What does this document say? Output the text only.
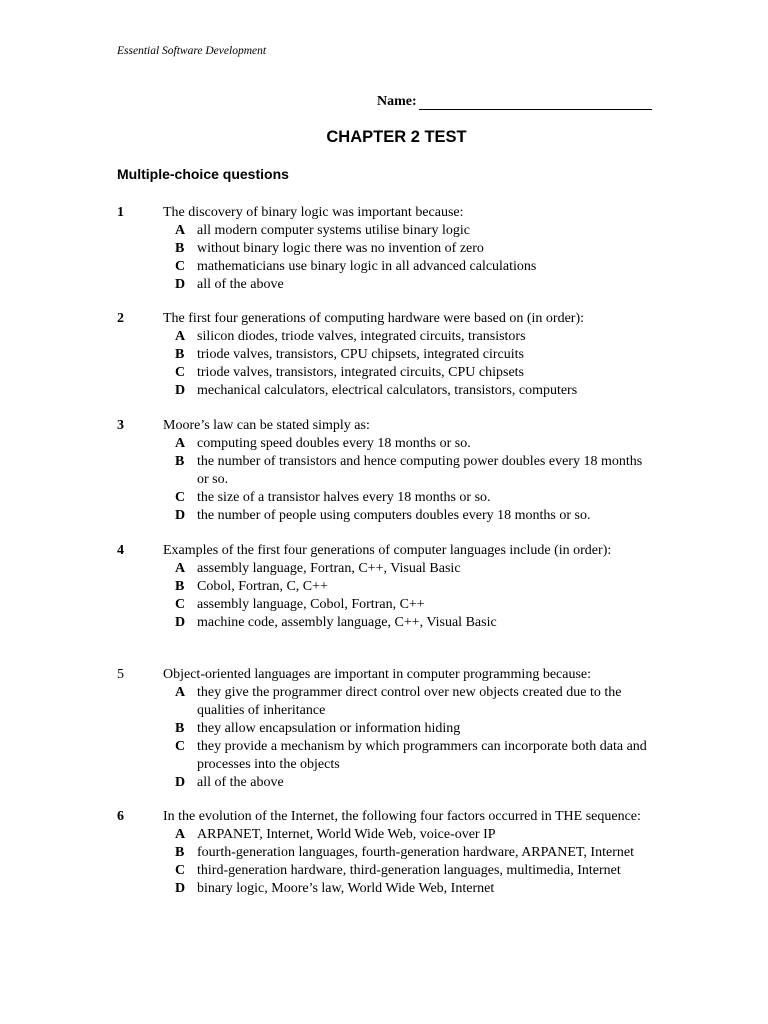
Essential Software Development
Name:
CHAPTER 2 TEST
Multiple-choice questions
1	The discovery of binary logic was important because:
A all modern computer systems utilise binary logic
B without binary logic there was no invention of zero
C mathematicians use binary logic in all advanced calculations
D all of the above
2	The first four generations of computing hardware were based on (in order):
A silicon diodes, triode valves, integrated circuits, transistors
B triode valves, transistors, CPU chipsets, integrated circuits
C triode valves, transistors, integrated circuits, CPU chipsets
D mechanical calculators, electrical calculators, transistors, computers
3	Moore’s law can be stated simply as:
A computing speed doubles every 18 months or so.
B the number of transistors and hence computing power doubles every 18 months or so.
C the size of a transistor halves every 18 months or so.
D the number of people using computers doubles every 18 months or so.
4	Examples of the first four generations of computer languages include (in order):
A assembly language, Fortran, C++, Visual Basic
B Cobol, Fortran, C, C++
C assembly language, Cobol, Fortran, C++
D machine code, assembly language, C++, Visual Basic
5	Object-oriented languages are important in computer programming because:
A they give the programmer direct control over new objects created due to the qualities of inheritance
B they allow encapsulation or information hiding
C they provide a mechanism by which programmers can incorporate both data and processes into the objects
D all of the above
6	In the evolution of the Internet, the following four factors occurred in THE sequence:
A ARPANET, Internet, World Wide Web, voice-over IP
B fourth-generation languages, fourth-generation hardware, ARPANET, Internet
C third-generation hardware, third-generation languages, multimedia, Internet
D binary logic, Moore’s law, World Wide Web, Internet
